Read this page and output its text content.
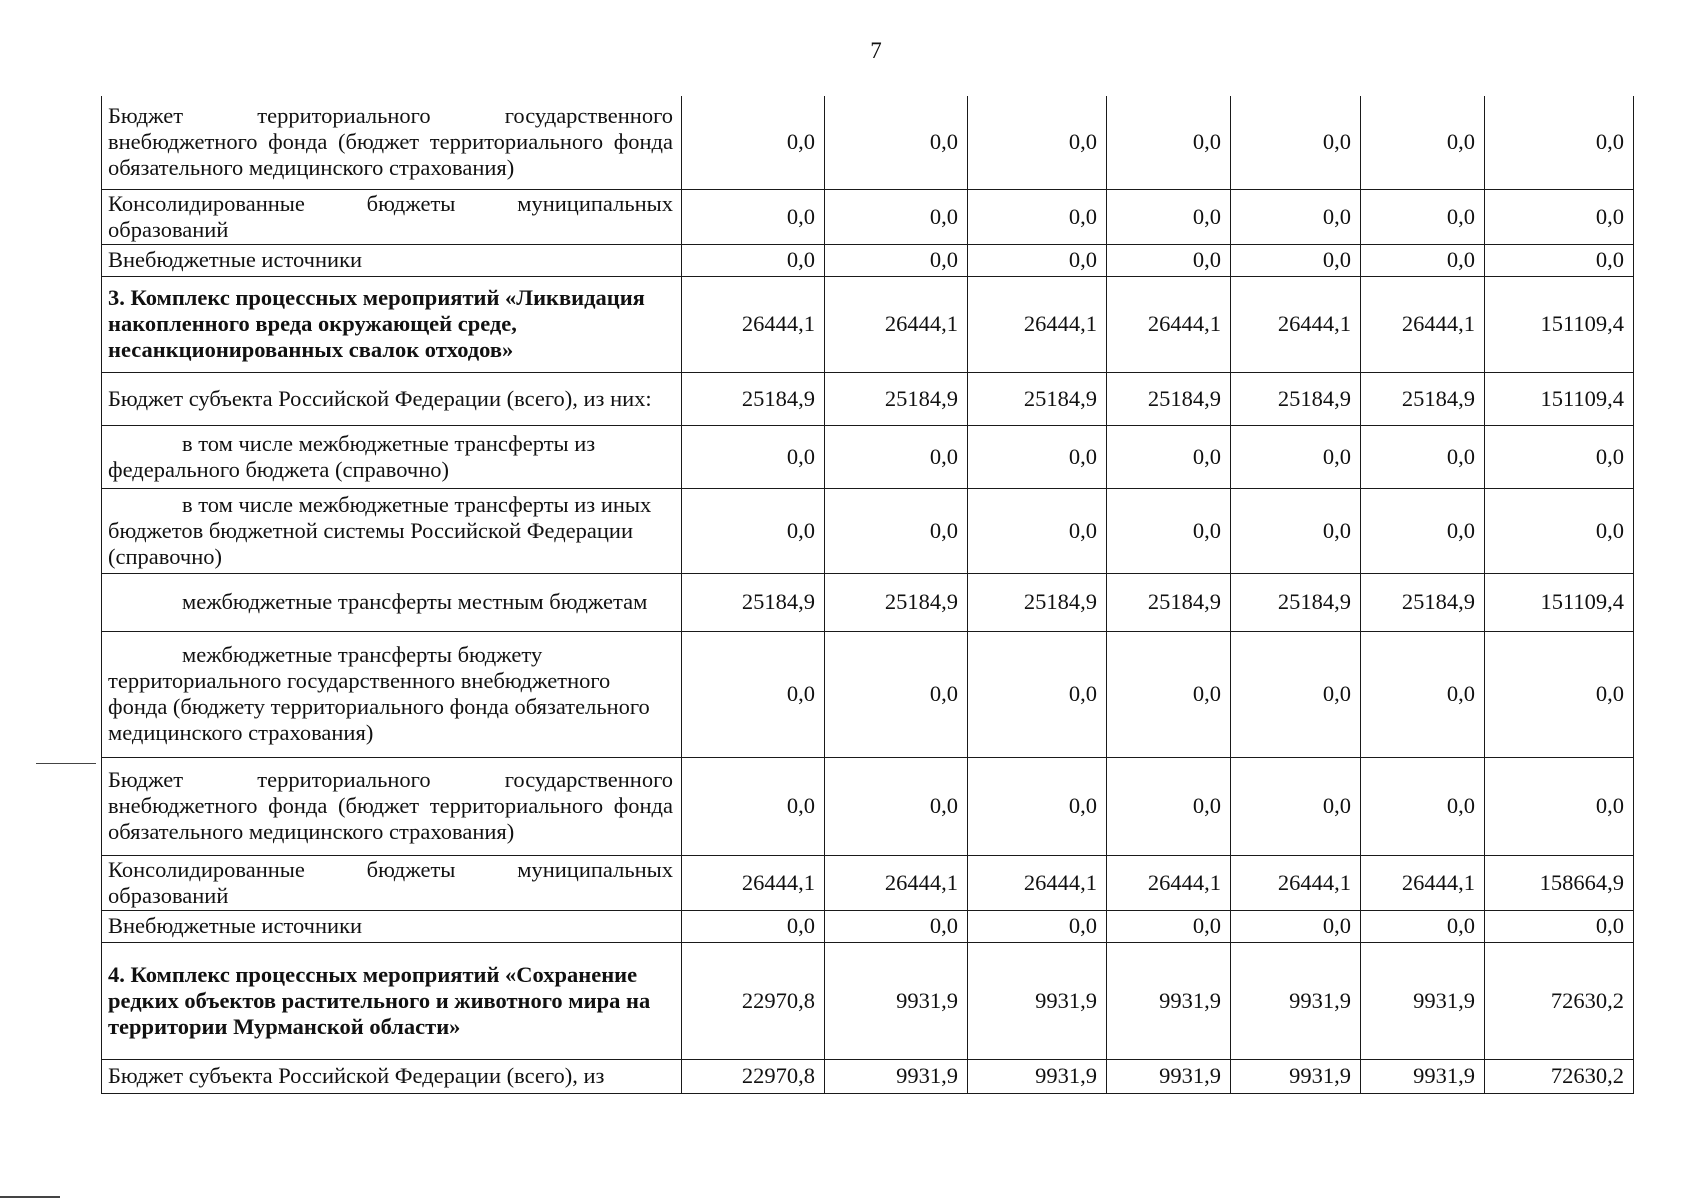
7
Бюджет территориального государственного внебюджетного фонда (бюджет территориального фонда обязательного медицинского страхования)	0,0	0,0	0,0	0,0	0,0	0,0	0,0
Консолидированные бюджеты муниципальных образований	0,0	0,0	0,0	0,0	0,0	0,0	0,0
Внебюджетные источники	0,0	0,0	0,0	0,0	0,0	0,0	0,0
3. Комплекс процессных мероприятий «Ликвидация накопленного вреда окружающей среде, несанкционированных свалок отходов»	26444,1	26444,1	26444,1	26444,1	26444,1	26444,1	151109,4
Бюджет субъекта Российской Федерации (всего), из них:	25184,9	25184,9	25184,9	25184,9	25184,9	25184,9	151109,4

в том числе межбюджетные трансферты из федерального бюджета (справочно)	0,0	0,0	0,0	0,0	0,0	0,0	0,0

в том числе межбюджетные трансферты из иных бюджетов бюджетной системы Российской Федерации (справочно)	0,0	0,0	0,0	0,0	0,0	0,0	0,0

межбюджетные трансферты местным бюджетам	25184,9	25184,9	25184,9	25184,9	25184,9	25184,9	151109,4

межбюджетные трансферты бюджету территориального государственного внебюджетного фонда (бюджету территориального фонда обязательного медицинского страхования)	0,0	0,0	0,0	0,0	0,0	0,0	0,0
Бюджет территориального государственного внебюджетного фонда (бюджет территориального фонда обязательного медицинского страхования)	0,0	0,0	0,0	0,0	0,0	0,0	0,0
Консолидированные бюджеты муниципальных образований	26444,1	26444,1	26444,1	26444,1	26444,1	26444,1	158664,9
Внебюджетные источники	0,0	0,0	0,0	0,0	0,0	0,0	0,0
4. Комплекс процессных мероприятий «Сохранение редких объектов растительного и животного мира на территории Мурманской области»	22970,8	9931,9	9931,9	9931,9	9931,9	9931,9	72630,2
Бюджет субъекта Российской Федерации (всего), из	22970,8	9931,9	9931,9	9931,9	9931,9	9931,9	72630,2
